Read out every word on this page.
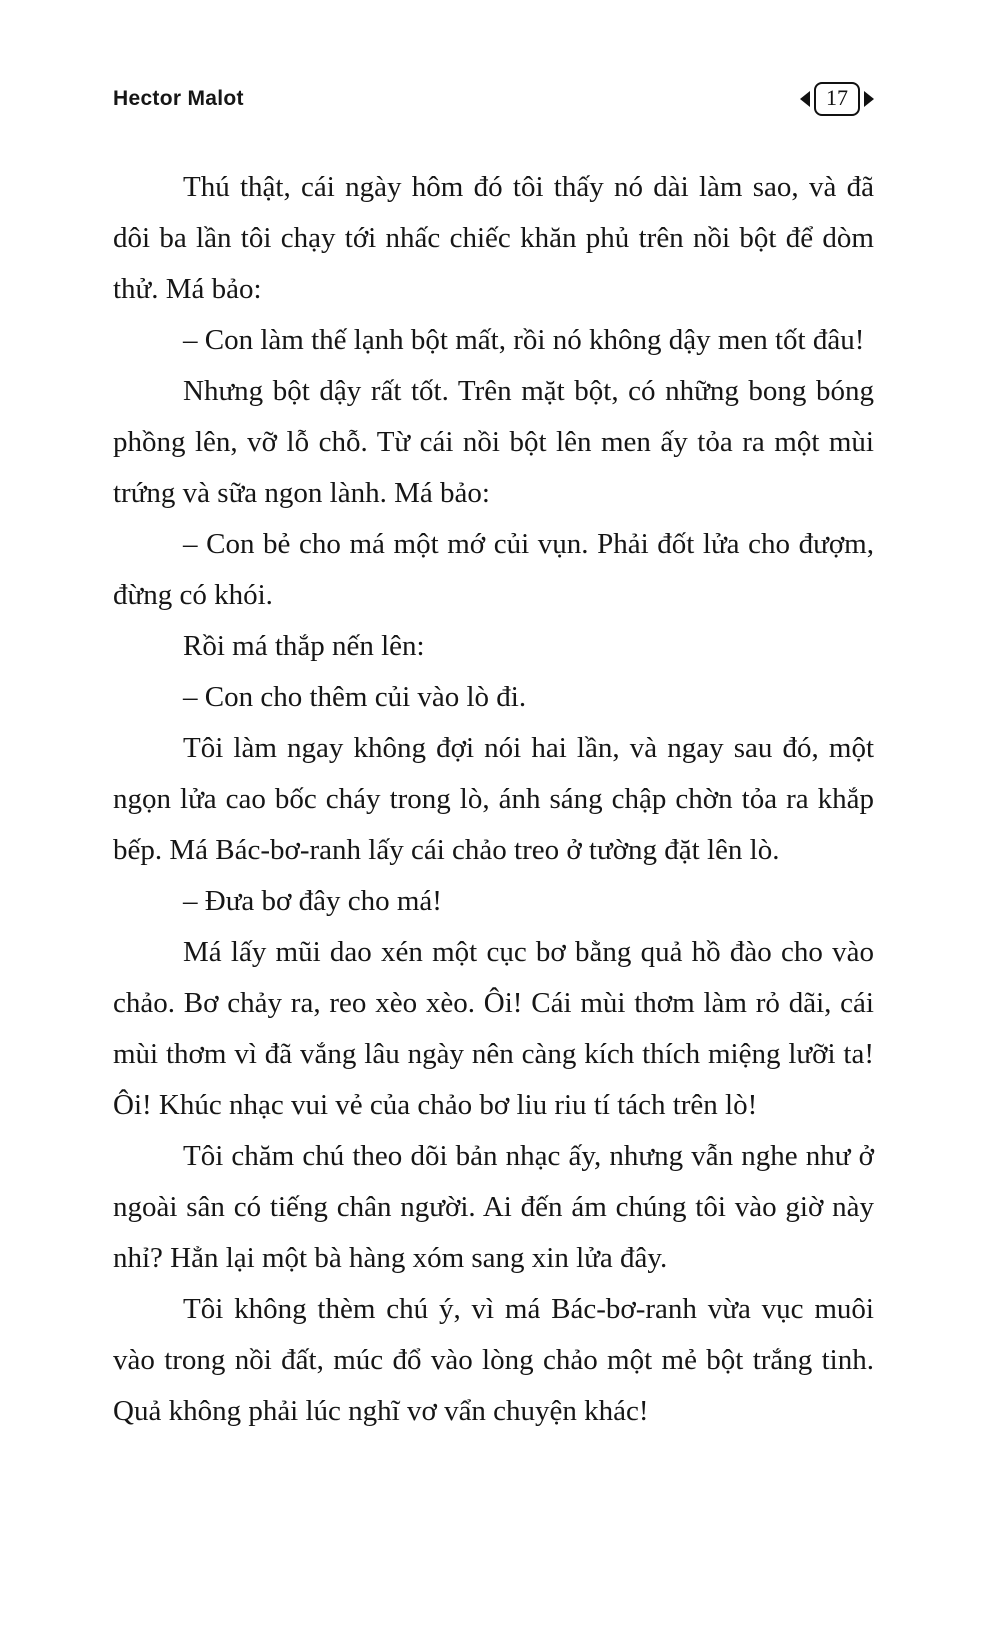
Hector Malot	17

Thú thật, cái ngày hôm đó tôi thấy nó dài làm sao, và đã dôi ba lần tôi chạy tới nhấc chiếc khăn phủ trên nồi bột để dòm thử. Má bảo:

– Con làm thế lạnh bột mất, rồi nó không dậy men tốt đâu!

Nhưng bột dậy rất tốt. Trên mặt bột, có những bong bóng phồng lên, vỡ lỗ chỗ. Từ cái nồi bột lên men ấy tỏa ra một mùi trứng và sữa ngon lành. Má bảo:

– Con bẻ cho má một mớ củi vụn. Phải đốt lửa cho đượm, đừng có khói.

Rồi má thắp nến lên:

– Con cho thêm củi vào lò đi.

Tôi làm ngay không đợi nói hai lần, và ngay sau đó, một ngọn lửa cao bốc cháy trong lò, ánh sáng chập chờn tỏa ra khắp bếp. Má Bác-bơ-ranh lấy cái chảo treo ở tường đặt lên lò.

– Đưa bơ đây cho má!

Má lấy mũi dao xén một cục bơ bằng quả hồ đào cho vào chảo. Bơ chảy ra, reo xèo xèo. Ôi! Cái mùi thơm làm rỏ dãi, cái mùi thơm vì đã vắng lâu ngày nên càng kích thích miệng lưỡi ta! Ôi! Khúc nhạc vui vẻ của chảo bơ liu riu tí tách trên lò!

Tôi chăm chú theo dõi bản nhạc ấy, nhưng vẫn nghe như ở ngoài sân có tiếng chân người. Ai đến ám chúng tôi vào giờ này nhỉ? Hẳn lại một bà hàng xóm sang xin lửa đây.

Tôi không thèm chú ý, vì má Bác-bơ-ranh vừa vục muôi vào trong nồi đất, múc đổ vào lòng chảo một mẻ bột trắng tinh. Quả không phải lúc nghĩ vơ vẩn chuyện khác!
